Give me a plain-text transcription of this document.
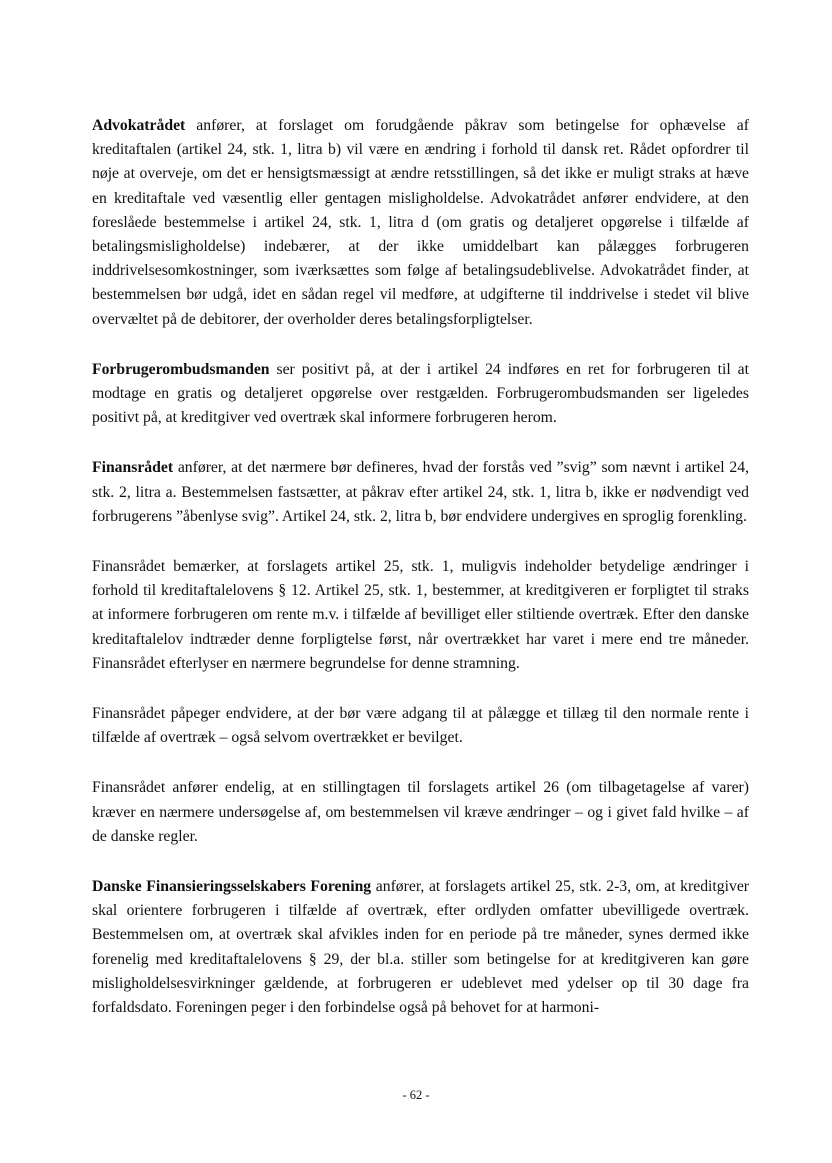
Advokatrådet anfører, at forslaget om forudgående påkrav som betingelse for ophævelse af kreditaftalen (artikel 24, stk. 1, litra b) vil være en ændring i forhold til dansk ret. Rådet opfordrer til nøje at overveje, om det er hensigtsmæssigt at ændre retsstillingen, så det ikke er muligt straks at hæve en kreditaftale ved væsentlig eller gentagen misligholdelse. Advokatrådet anfører endvidere, at den foreslåede bestemmelse i artikel 24, stk. 1, litra d (om gratis og detaljeret opgørelse i tilfælde af betalingsmisligholdelse) indebærer, at der ikke umiddelbart kan pålægges forbrugeren inddrivelsesomkostninger, som iværksættes som følge af betalingsudeblivelse. Advokatrådet finder, at bestemmelsen bør udgå, idet en sådan regel vil medføre, at udgifterne til inddrivelse i stedet vil blive overvæltet på de debitorer, der overholder deres betalingsforpligtelser.

Forbrugerombudsmanden ser positivt på, at der i artikel 24 indføres en ret for forbrugeren til at modtage en gratis og detaljeret opgørelse over restgælden. Forbrugerombudsmanden ser ligeledes positivt på, at kreditgiver ved overtræk skal informere forbrugeren herom.

Finansrådet anfører, at det nærmere bør defineres, hvad der forstås ved ”svig” som nævnt i artikel 24, stk. 2, litra a. Bestemmelsen fastsætter, at påkrav efter artikel 24, stk. 1, litra b, ikke er nødvendigt ved forbrugerens ”åbenlyse svig”. Artikel 24, stk. 2, litra b, bør endvidere undergives en sproglig forenkling.

Finansrådet bemærker, at forslagets artikel 25, stk. 1, muligvis indeholder betydelige ændringer i forhold til kreditaftalelovens § 12. Artikel 25, stk. 1, bestemmer, at kreditgiveren er forpligtet til straks at informere forbrugeren om rente m.v. i tilfælde af bevilliget eller stiltiende overtræk. Efter den danske kreditaftalelov indtræder denne forpligtelse først, når overtrækket har varet i mere end tre måneder. Finansrådet efterlyser en nærmere begrundelse for denne stramning.

Finansrådet påpeger endvidere, at der bør være adgang til at pålægge et tillæg til den normale rente i tilfælde af overtræk – også selvom overtrækket er bevilget.

Finansrådet anfører endelig, at en stillingtagen til forslagets artikel 26 (om tilbagetagelse af varer) kræver en nærmere undersøgelse af, om bestemmelsen vil kræve ændringer – og i givet fald hvilke – af de danske regler.

Danske Finansieringsselskabers Forening anfører, at forslagets artikel 25, stk. 2-3, om, at kreditgiver skal orientere forbrugeren i tilfælde af overtræk, efter ordlyden omfatter ubevilligede overtræk. Bestemmelsen om, at overtræk skal afvikles inden for en periode på tre måneder, synes dermed ikke forenelig med kreditaftalelovens § 29, der bl.a. stiller som betingelse for at kreditgiveren kan gøre misligholdelsesvirkninger gældende, at forbrugeren er udeblevet med ydelser op til 30 dage fra forfaldsdato. Foreningen peger i den forbindelse også på behovet for at harmoni-

- 62 -
